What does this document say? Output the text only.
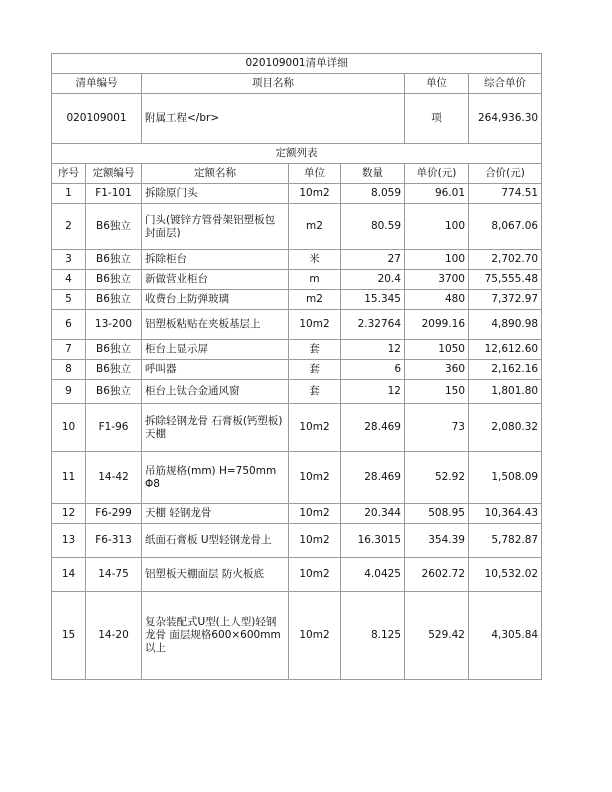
020109001清单详细						
清单编号		项目名称			单位	综合单价
020109001		附属工程</br>			项	264,936.30
定额列表						
序号	定额编号	定额名称	单位	数量	单价(元)	合价(元)
1	F1-101	拆除原门头	10m2	8.059	96.01	774.51
2	B6独立	门头(镀锌方管骨架铝塑板包封面层)	m2	80.59	100	8,067.06
3	B6独立	拆除柜台	米	27	100	2,702.70
4	B6独立	新做营业柜台	m	20.4	3700	75,555.48
5	B6独立	收费台上防弹玻璃	m2	15.345	480	7,372.97
6	13-200	铝塑板粘贴在夹板基层上	10m2	2.32764	2099.16	4,890.98
7	B6独立	柜台上显示屏	套	12	1050	12,612.60
8	B6独立	呼叫器	套	6	360	2,162.16
9	B6独立	柜台上钛合金通风窗	套	12	150	1,801.80
10	F1-96	拆除轻钢龙骨 石膏板(钙塑板)天棚	10m2	28.469	73	2,080.32
11	14-42	吊筋规格(mm) H=750mm Φ8	10m2	28.469	52.92	1,508.09
12	F6-299	天棚 轻钢龙骨	10m2	20.344	508.95	10,364.43
13	F6-313	纸面石膏板 U型轻钢龙骨上	10m2	16.3015	354.39	5,782.87
14	14-75	铝塑板天棚面层 防火板底	10m2	4.0425	2602.72	10,532.02
15	14-20	复杂装配式U型(上人型)轻钢龙骨 面层规格600×600mm以上	10m2	8.125	529.42	4,305.84
